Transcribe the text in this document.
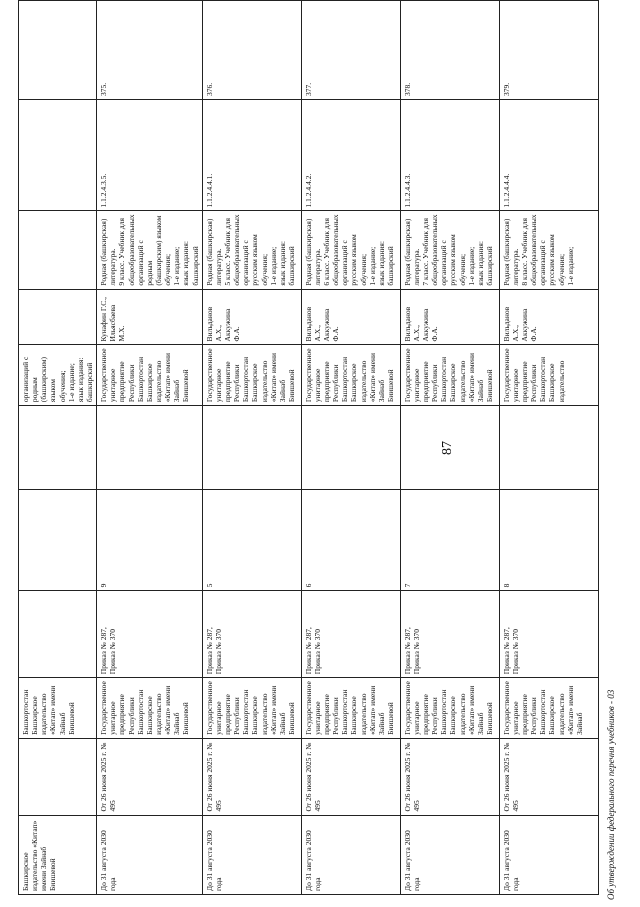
87
Башкирское издательство «Китап» имени Зайнаб Биишевой		Башкортостан Башкирское издательство «Китап» имени Зайнаб Биишевой				организаций с родным (башкирским) языком обучения;
1-е издание;
язык издания: башкирский				
До 31 августа 2030 года	От 26 июня 2025 г. № 495	Государственное унитарное предприятие Республики Башкортостан Башкирское издательство «Китап» имени Зайнаб Биишевой	Приказ № 287,
Приказ № 370	9		Государственное унитарное предприятие Республики Башкортостан Башкирское издательство «Китап» имени Зайнаб Биишевой	Кунафин Г.С.,
Ильясбаева М.Х.	Родная (башкирская) литература.
9 класс. Учебник для общеобразовательных организаций с родным (башкирским) языком обучения;
1-е издание;
язык издания: башкирский	1.1.2.4.3.5.	375.
До 31 августа 2030 года	От 26 июня 2025 г. № 495	Государственное унитарное предприятие Республики Башкортостан Башкирское издательство «Китап» имени Зайнаб Биишевой	Приказ № 287,
Приказ № 370	5		Государственное унитарное предприятие Республики Башкортостан Башкирское издательство «Китап» имени Зайнаб Биишевой	Вильданов А.Х.,
Аккужина Ф.А.	Родная (башкирская) литература.
5 класс. Учебник для общеобразовательных организаций с русским языком обучения;
1-е издание;
язык издания: башкирский	1.1.2.4.4.1.	376.
До 31 августа 2030 года	От 26 июня 2025 г. № 495	Государственное унитарное предприятие Республики Башкортостан Башкирское издательство «Китап» имени Зайнаб Биишевой	Приказ № 287,
Приказ № 370	6		Государственное унитарное предприятие Республики Башкортостан Башкирское издательство «Китап» имени Зайнаб Биишевой	Вильданов А.Х.,
Аккужина Ф.А.	Родная (башкирская) литература.
6 класс. Учебник для общеобразовательных организаций с русским языком обучения;
1-е издание;
язык издания: башкирский	1.1.2.4.4.2.	377.
До 31 августа 2030 года	От 26 июня 2025 г. № 495	Государственное унитарное предприятие Республики Башкортостан Башкирское издательство «Китап» имени Зайнаб Биишевой	Приказ № 287,
Приказ № 370	7		Государственное унитарное предприятие Республики Башкортостан Башкирское издательство «Китап» имени Зайнаб Биишевой	Вильданов А.Х.,
Аккужина Ф.А.	Родная (башкирская) литература.
7 класс. Учебник для общеобразовательных организаций с русским языком обучения;
1-е издание;
язык издания: башкирский	1.1.2.4.4.3.	378.
До 31 августа 2030 года	От 26 июня 2025 г. № 495	Государственное унитарное предприятие Республики Башкортостан Башкирское издательство «Китап» имени Зайнаб	Приказ № 287,
Приказ № 370	8		Государственное унитарное предприятие Республики Башкортостан Башкирское издательство	Вильданов А.Х.,
Аккужина Ф.А.	Родная (башкирская) литература.
8 класс. Учебник для общеобразовательных организаций с русским языком обучения;
1-е издание;	1.1.2.4.4.4.	379.
Об утверждении федерального перечня учебников - 03
